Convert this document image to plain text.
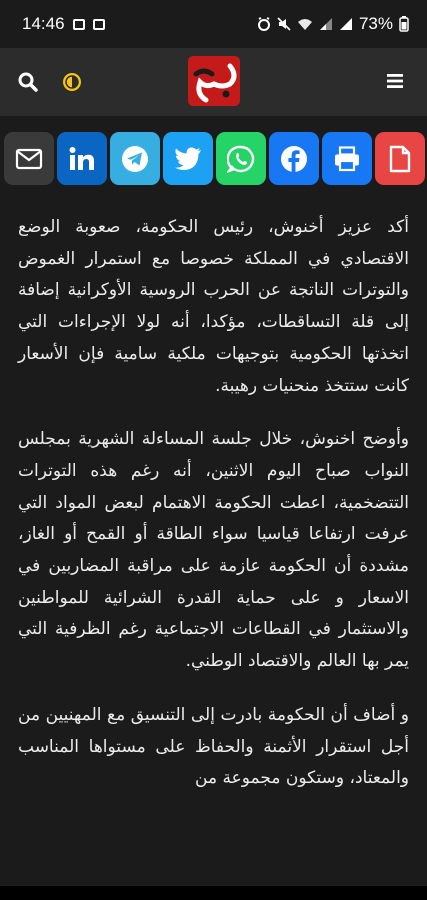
14:46	73%

أكد عزيز أخنوش، رئيس الحكومة، صعوبة الوضع الاقتصادي في المملكة خصوصا مع استمرار الغموض والتوترات الناتجة عن الحرب الروسية الأوكرانية إضافة إلى قلة التساقطات، مؤكدا، أنه لولا الإجراءات التي اتخذتها الحكومية بتوجيهات ملكية سامية فإن الأسعار كانت ستتخذ منحنيات رهيبة.

وأوضح اخنوش، خلال جلسة المساءلة الشهرية بمجلس النواب صباح اليوم الاثنين، أنه رغم هذه التوترات التتضخمية، اعطت الحكومة الاهتمام لبعض المواد التي عرفت ارتفاعا قياسيا سواء الطاقة أو القمح أو الغاز، مشددة أن الحكومة عازمة على مراقبة المضاربين في الاسعار و على حماية القدرة الشرائية للمواطنين والاستثمار في القطاعات الاجتماعية رغم الظرفية التي يمر بها العالم والاقتصاد الوطني.

و أضاف أن الحكومة بادرت إلى التنسيق مع المهنيين من أجل استقرار الأثمنة والحفاظ على مستواها المناسب والمعتاد، وستكون مجموعة من
